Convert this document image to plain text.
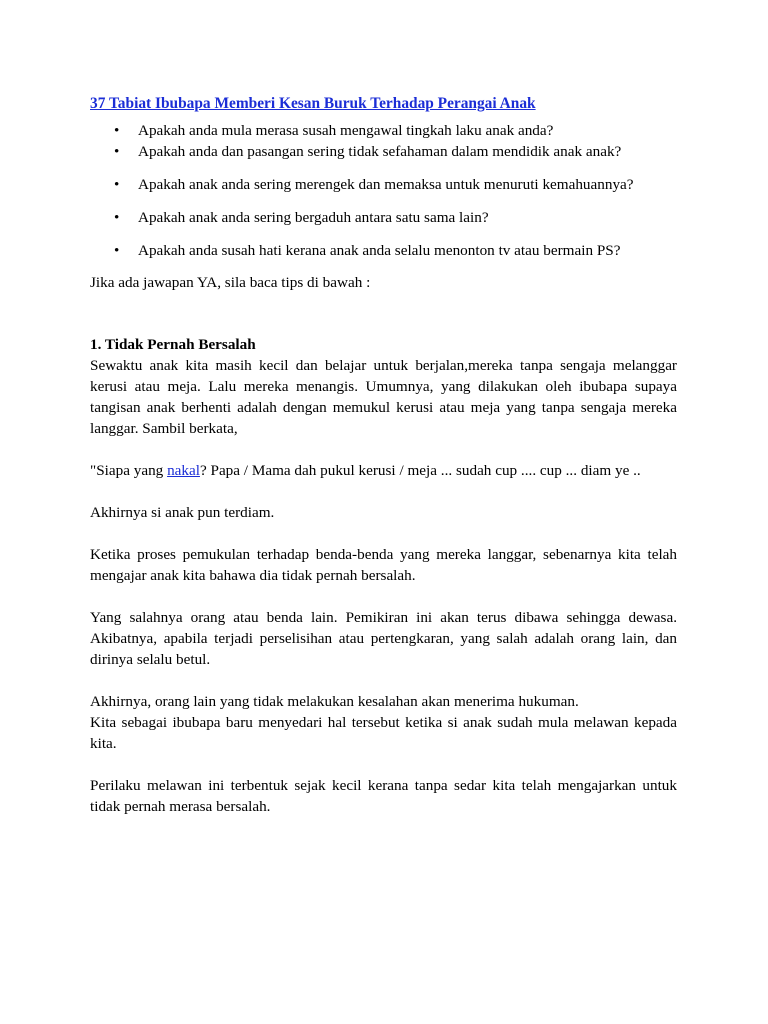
37 Tabiat Ibubapa Memberi Kesan Buruk Terhadap Perangai Anak
• Apakah anda mula merasa susah mengawal tingkah laku anak anda?
• Apakah anda dan pasangan sering tidak sefahaman dalam mendidik anak anak?
• Apakah anak anda sering merengek dan memaksa untuk menuruti kemahuannya?
• Apakah anak anda sering bergaduh antara satu sama lain?
• Apakah anda susah hati kerana anak anda selalu menonton tv atau bermain PS?

Jika ada jawapan YA, sila baca tips di bawah :

1. Tidak Pernah Bersalah

Sewaktu anak kita masih kecil dan belajar untuk berjalan,mereka tanpa sengaja melanggar kerusi atau meja. Lalu mereka menangis. Umumnya, yang dilakukan oleh ibubapa supaya tangisan anak berhenti adalah dengan memukul kerusi atau meja yang tanpa sengaja mereka langgar. Sambil berkata,

"Siapa yang nakal? Papa / Mama dah pukul kerusi / meja ... sudah cup .... cup ... diam ye ..

Akhirnya si anak pun terdiam.

Ketika proses pemukulan terhadap benda-benda yang mereka langgar, sebenarnya kita telah mengajar anak kita bahawa dia tidak pernah bersalah.

Yang salahnya orang atau benda lain. Pemikiran ini akan terus dibawa sehingga dewasa. Akibatnya, apabila terjadi perselisihan atau pertengkaran, yang salah adalah orang lain, dan dirinya selalu betul.

Akhirnya, orang lain yang tidak melakukan kesalahan akan menerima hukuman.

Kita sebagai ibubapa baru menyedari hal tersebut ketika si anak sudah mula melawan kepada kita.

Perilaku melawan ini terbentuk sejak kecil kerana tanpa sedar kita telah mengajarkan untuk tidak pernah merasa bersalah.
